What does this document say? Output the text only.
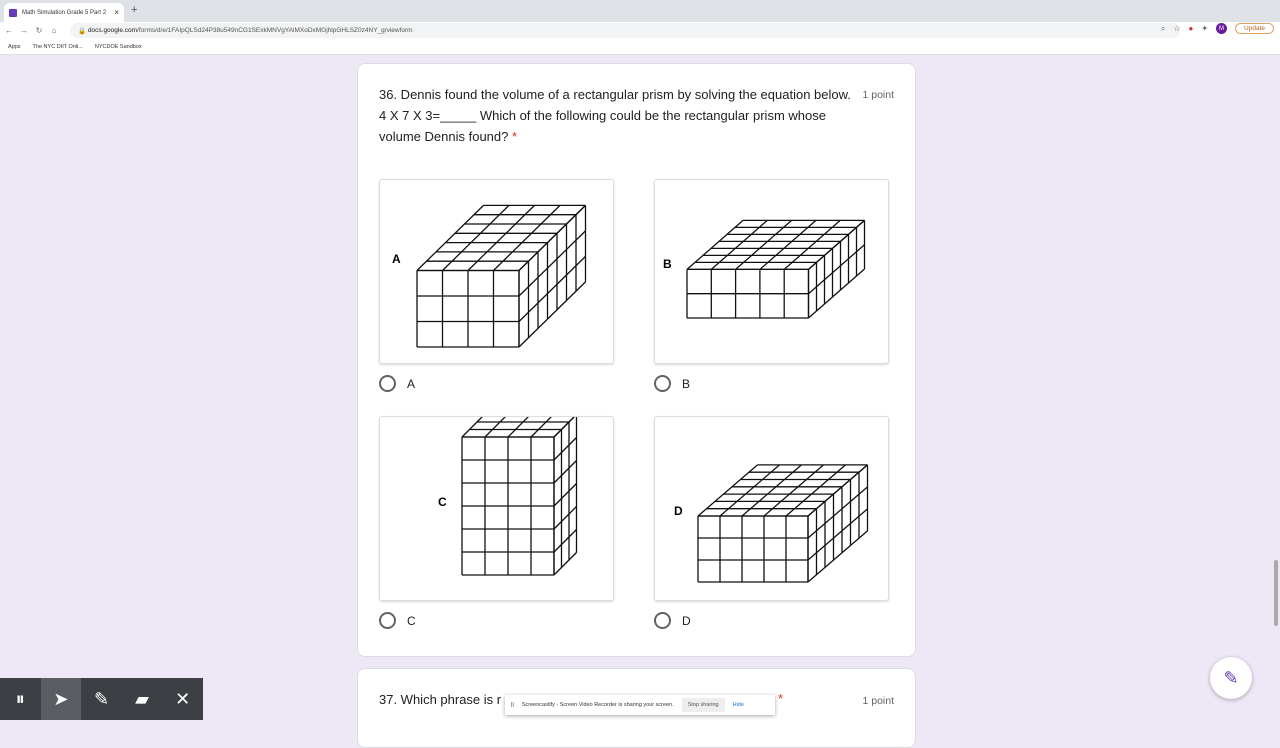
Math Simulation Grade 5 Part 2 × +
← → ↻	⌂	🔒 docs.google.com /forms/d/e/1FAIpQLSd24P38u549nCG1SExkMNVgYAlMXoDxMGjhlpGHLSZ0z4NY_g/viewform	⌕ ☆ ● ✦	M	Update
Apps The NYC DIIT Onli... NYCDOE Sandbox
36. Dennis found the volume of a rectangular prism by solving the equation below. 4 X 7 X 3=_____ Which of the following could be the rectangular prism whose volume Dennis found? *
1 point
A
A
B
B
C
C
D
D
37. Which phrase is r	*	1 point
⏸	➤	✎	▰	✕	|| Screencastify - Screen Video Recorder is sharing your screen.	Stop sharing	Hide
✎
